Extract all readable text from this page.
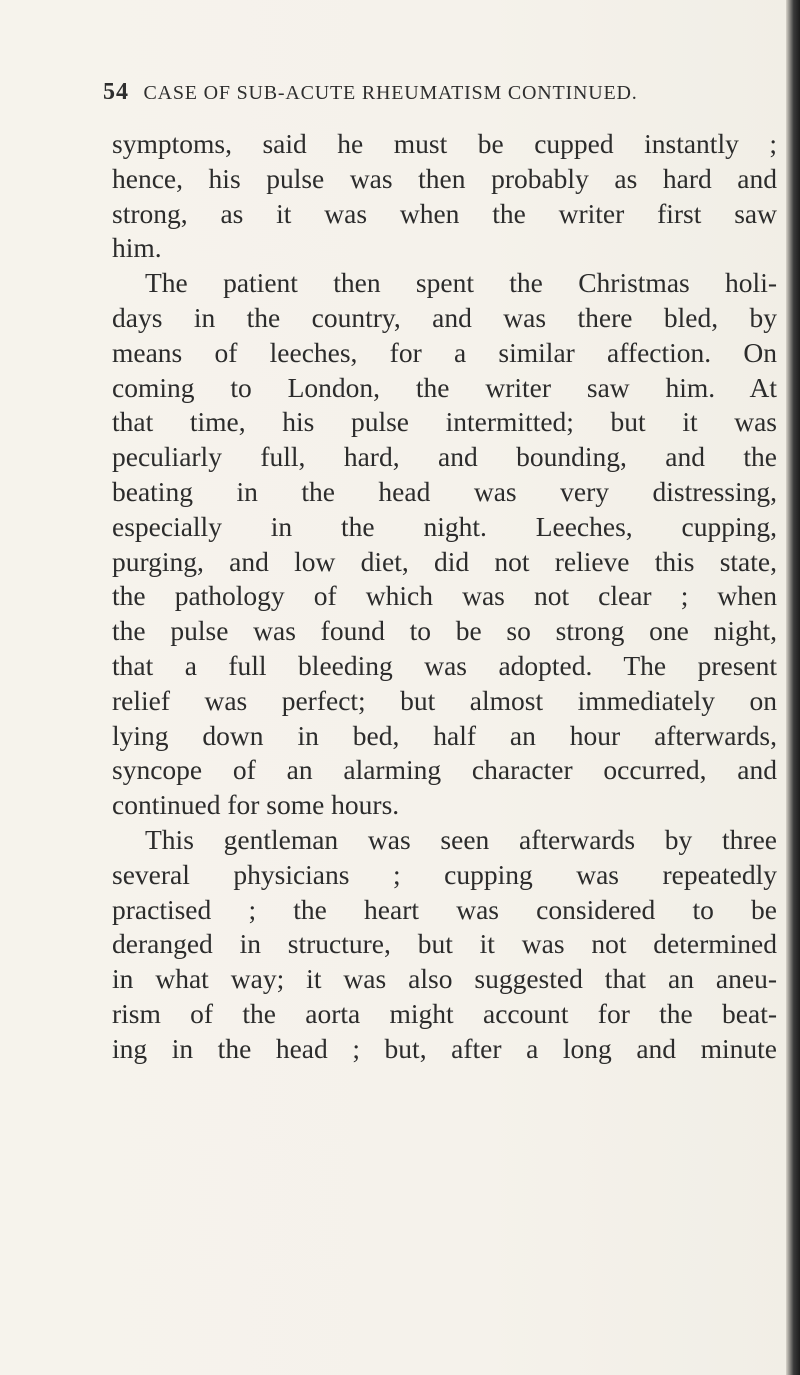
54 CASE OF SUB-ACUTE RHEUMATISM CONTINUED.
symptoms, said he must be cupped instantly ;
hence, his pulse was then probably as hard and
strong, as it was when the writer first saw
him.
The patient then spent the Christmas holi-
days in the country, and was there bled, by
means of leeches, for a similar affection. On
coming to London, the writer saw him. At
that time, his pulse intermitted; but it was
peculiarly full, hard, and bounding, and the
beating in the head was very distressing,
especially in the night. Leeches, cupping,
purging, and low diet, did not relieve this state,
the pathology of which was not clear ; when
the pulse was found to be so strong one night,
that a full bleeding was adopted. The present
relief was perfect; but almost immediately on
lying down in bed, half an hour afterwards,
syncope of an alarming character occurred, and
continued for some hours.
This gentleman was seen afterwards by three
several physicians ; cupping was repeatedly
practised ; the heart was considered to be
deranged in structure, but it was not determined
in what way; it was also suggested that an aneu-
rism of the aorta might account for the beat-
ing in the head ; but, after a long and minute
